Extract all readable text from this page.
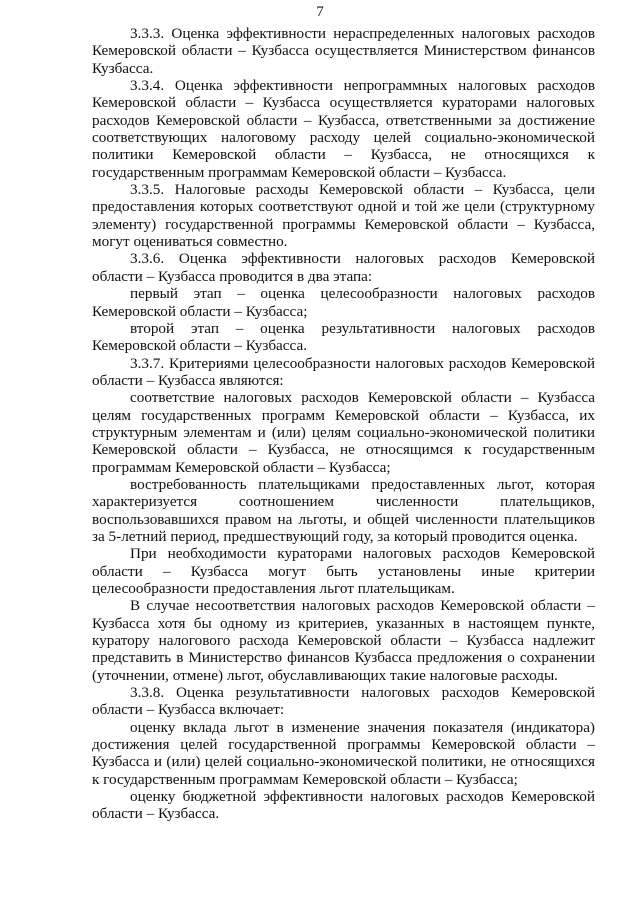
7

3.3.3. Оценка эффективности нераспределенных налоговых расходов Кемеровской области – Кузбасса осуществляется Министерством финансов Кузбасса.

3.3.4. Оценка эффективности непрограммных налоговых расходов Кемеровской области – Кузбасса осуществляется кураторами налоговых расходов Кемеровской области – Кузбасса, ответственными за достижение соответствующих налоговому расходу целей социально-экономической политики Кемеровской области – Кузбасса, не относящихся к государственным программам Кемеровской области – Кузбасса.

3.3.5. Налоговые расходы Кемеровской области – Кузбасса, цели предоставления которых соответствуют одной и той же цели (структурному элементу) государственной программы Кемеровской области – Кузбасса, могут оцениваться совместно.

3.3.6. Оценка эффективности налоговых расходов Кемеровской области – Кузбасса проводится в два этапа:

первый этап – оценка целесообразности налоговых расходов Кемеровской области – Кузбасса;

второй этап – оценка результативности налоговых расходов Кемеровской области – Кузбасса.

3.3.7. Критериями целесообразности налоговых расходов Кемеровской области – Кузбасса являются:

соответствие налоговых расходов Кемеровской области – Кузбасса целям государственных программ Кемеровской области – Кузбасса, их структурным элементам и (или) целям социально-экономической политики Кемеровской области – Кузбасса, не относящимся к государственным программам Кемеровской области – Кузбасса;

востребованность плательщиками предоставленных льгот, которая характеризуется соотношением численности плательщиков, воспользовавшихся правом на льготы, и общей численности плательщиков за 5-летний период, предшествующий году, за который проводится оценка.

При необходимости кураторами налоговых расходов Кемеровской области – Кузбасса могут быть установлены иные критерии целесообразности предоставления льгот плательщикам.

В случае несоответствия налоговых расходов Кемеровской области – Кузбасса хотя бы одному из критериев, указанных в настоящем пункте, куратору налогового расхода Кемеровской области – Кузбасса надлежит представить в Министерство финансов Кузбасса предложения о сохранении (уточнении, отмене) льгот, обуславливающих такие налоговые расходы.

3.3.8. Оценка результативности налоговых расходов Кемеровской области – Кузбасса включает:

оценку вклада льгот в изменение значения показателя (индикатора) достижения целей государственной программы Кемеровской области – Кузбасса и (или) целей социально-экономической политики, не относящихся к государственным программам Кемеровской области – Кузбасса;

оценку бюджетной эффективности налоговых расходов Кемеровской области – Кузбасса.
